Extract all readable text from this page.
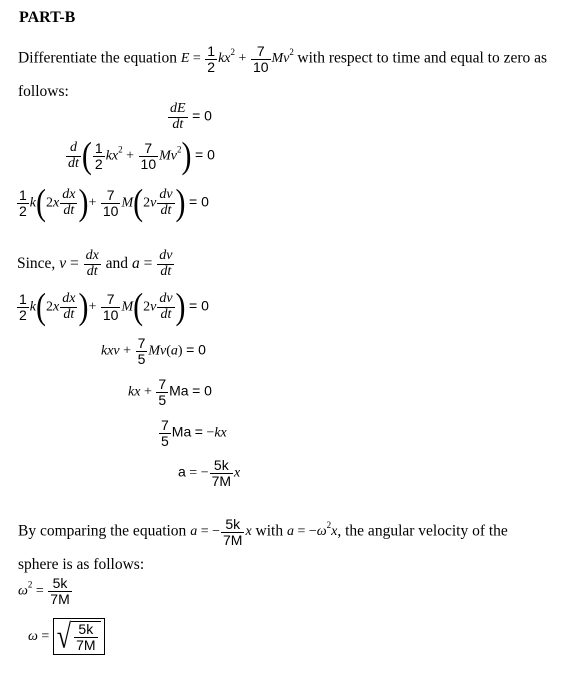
PART-B
Differentiate the equation $E = \frac{1}{2} kx^2 + \frac{7}{10} Mv^2$ with respect to time and equal to zero as
follows:
$\frac{dE}{dt} = 0$
$\frac{d}{dt}$ ( $\frac{1}{2} kx^2 + \frac{7}{10} Mv^2) = 0$
$\frac{1}{2} k(2x \frac{dx}{dt}$ )+ $\frac{7}{10} M(2v \frac{dv}{dt}$ ) = 0
Since, $v = \frac{dx}{dt}$ and $a = \frac{dv}{dt}$
$\frac{1}{2} k(2x \frac{dx}{dt}$ )+ $\frac{7}{10} M(2v \frac{dv}{dt}$ ) = 0
kxv + $\frac{7}{5} Mv(a) = 0$
kx + $\frac{7}{5}$ Ma = 0
$\frac{7}{5}$ Ma = −kx
a = − $\frac{5k}{7M}$ x
By comparing the equation a = − $\frac{5k}{7M}$ x with $a = -\omega^2x$, the angular velocity of the
sphere is as follows:
$\omega^2 = \frac{5k}{7M}$
ω = √ $\frac{5k}{7M}$
